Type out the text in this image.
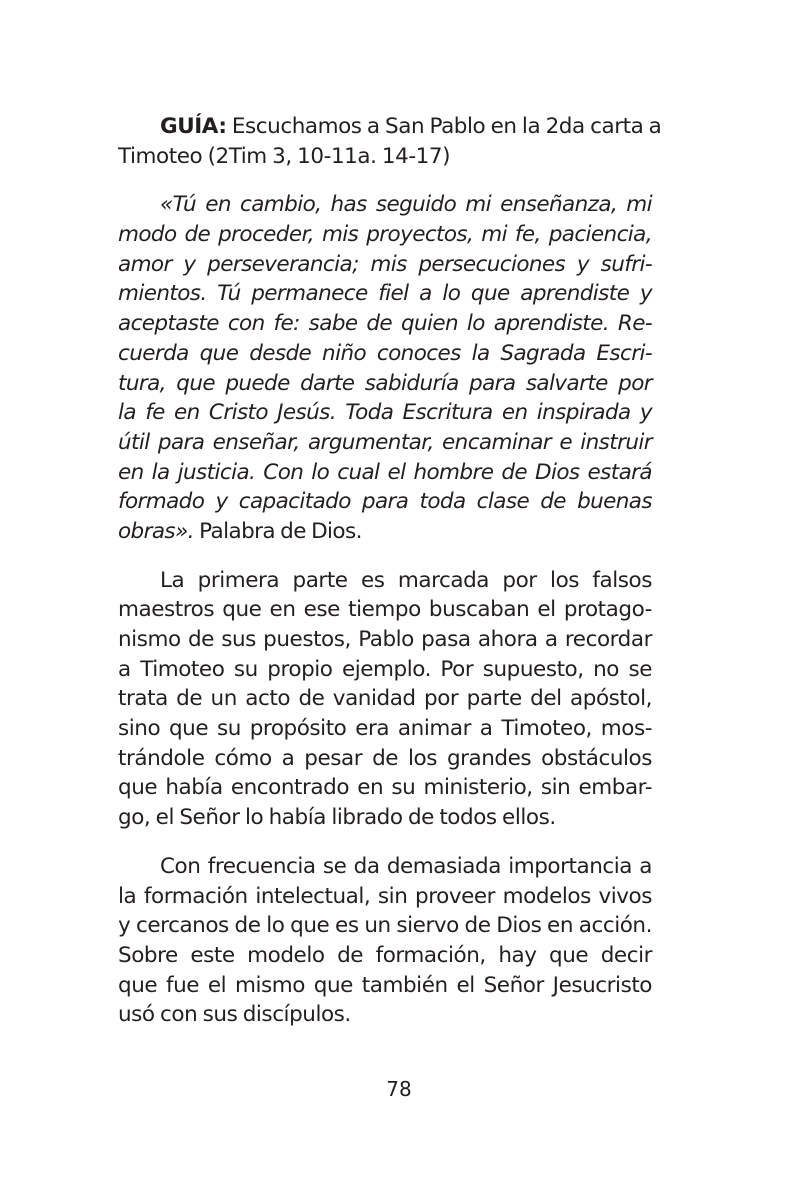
GUÍA: Escuchamos a San Pablo en la 2da carta a
Timoteo (2Tim 3, 10-11a. 14-17)
«Tú en cambio, has seguido mi enseñanza, mi
modo de proceder, mis proyectos, mi fe, paciencia,
amor y perseverancia; mis persecuciones y sufri-
mientos. Tú permanece fiel a lo que aprendiste y
aceptaste con fe: sabe de quien lo aprendiste. Re-
cuerda que desde niño conoces la Sagrada Escri-
tura, que puede darte sabiduría para salvarte por
la fe en Cristo Jesús. Toda Escritura en inspirada y
útil para enseñar, argumentar, encaminar e instruir
en la justicia. Con lo cual el hombre de Dios estará
formado y capacitado para toda clase de buenas
obras». Palabra de Dios.
La primera parte es marcada por los falsos
maestros que en ese tiempo buscaban el protago-
nismo de sus puestos, Pablo pasa ahora a recordar
a Timoteo su propio ejemplo. Por supuesto, no se
trata de un acto de vanidad por parte del apóstol,
sino que su propósito era animar a Timoteo, mos-
trándole cómo a pesar de los grandes obstáculos
que había encontrado en su ministerio, sin embar-
go, el Señor lo había librado de todos ellos.
Con frecuencia se da demasiada importancia a
la formación intelectual, sin proveer modelos vivos
y cercanos de lo que es un siervo de Dios en acción.
Sobre este modelo de formación, hay que decir
que fue el mismo que también el Señor Jesucristo
usó con sus discípulos.
78
